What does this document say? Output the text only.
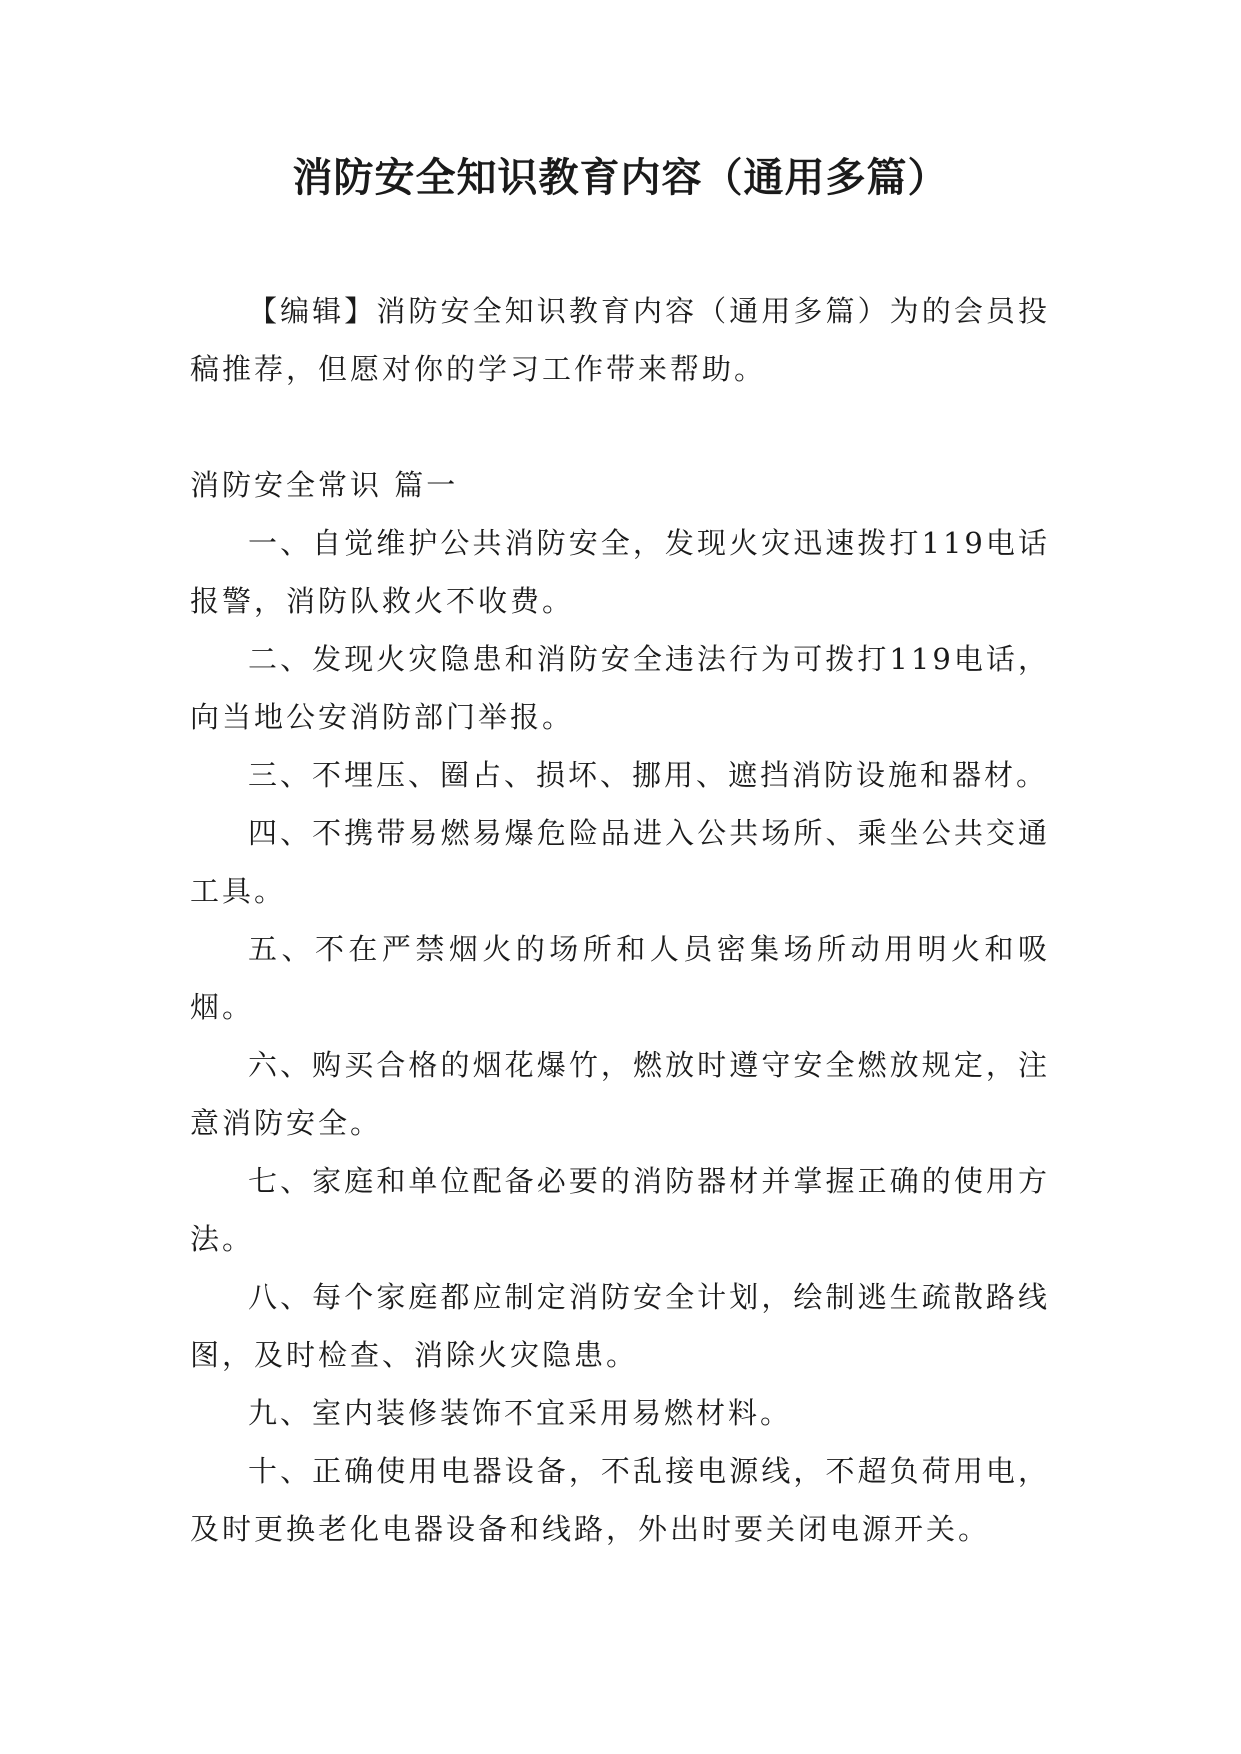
消防安全知识教育内容（通用多篇）

【编辑】消防安全知识教育内容（通用多篇）为的会员投稿推荐，但愿对你的学习工作带来帮助。

消防安全常识 篇一

一、自觉维护公共消防安全，发现火灾迅速拨打119电话报警，消防队救火不收费。

二、发现火灾隐患和消防安全违法行为可拨打119电话，向当地公安消防部门举报。

三、不埋压、圈占、损坏、挪用、遮挡消防设施和器材。

四、不携带易燃易爆危险品进入公共场所、乘坐公共交通工具。

五、不在严禁烟火的场所和人员密集场所动用明火和吸烟。

六、购买合格的烟花爆竹，燃放时遵守安全燃放规定，注意消防安全。

七、家庭和单位配备必要的消防器材并掌握正确的使用方法。

八、每个家庭都应制定消防安全计划，绘制逃生疏散路线图，及时检查、消除火灾隐患。

九、室内装修装饰不宜采用易燃材料。

十、正确使用电器设备，不乱接电源线，不超负荷用电，及时更换老化电器设备和线路，外出时要关闭电源开关。
